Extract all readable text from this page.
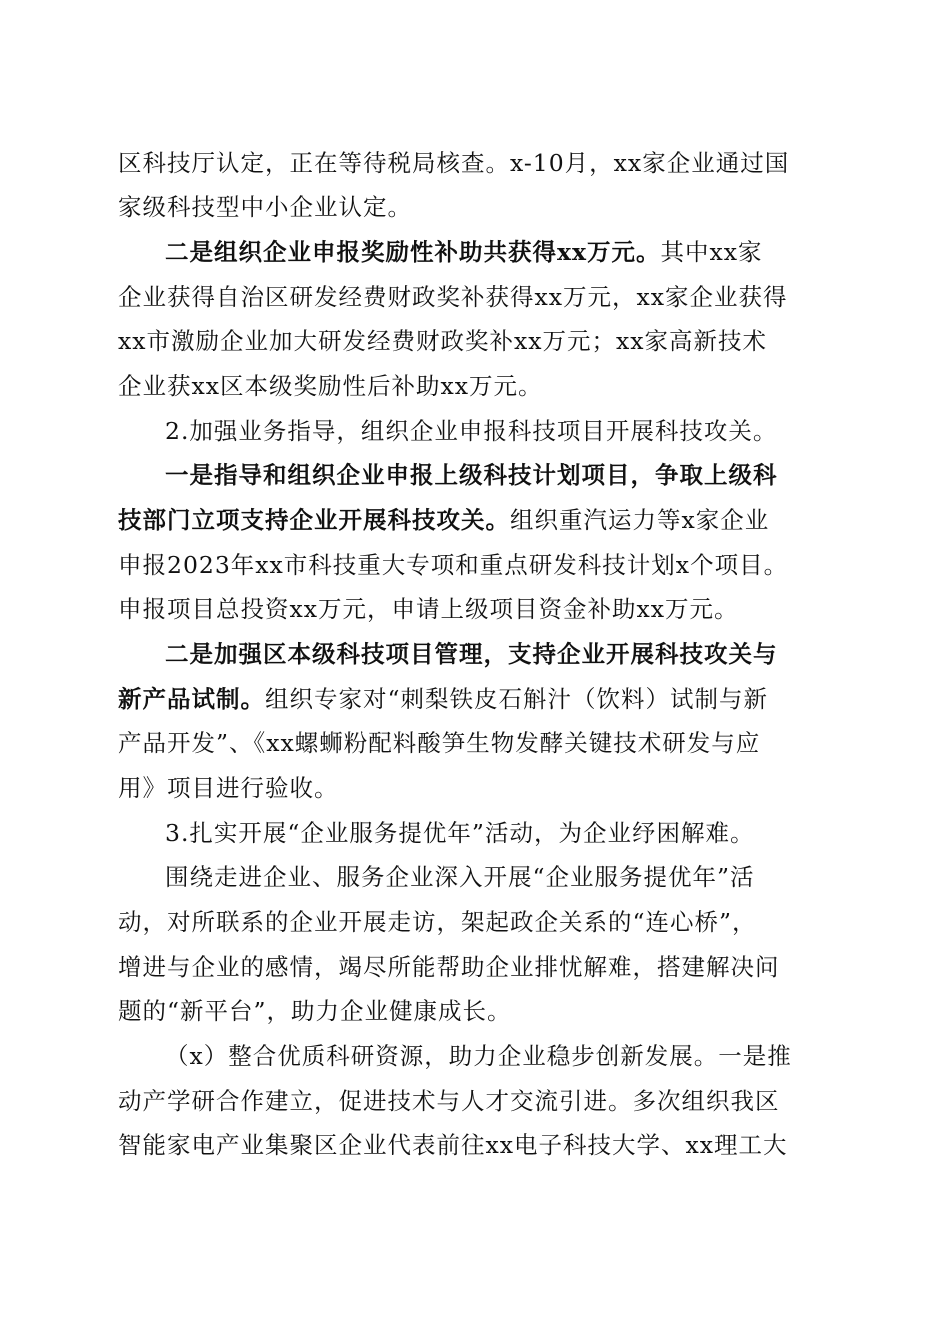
区科技厅认定，正在等待税局核查。x-10月，xx家企业通过国
家级科技型中小企业认定。
二是组织企业申报奖励性补助共获得xx万元。其中xx家
企业获得自治区研发经费财政奖补获得xx万元，xx家企业获得
xx市激励企业加大研发经费财政奖补xx万元；xx家高新技术
企业获xx区本级奖励性后补助xx万元。
2.加强业务指导，组织企业申报科技项目开展科技攻关。
一是指导和组织企业申报上级科技计划项目，争取上级科
技部门立项支持企业开展科技攻关。组织重汽运力等x家企业
申报2023年xx市科技重大专项和重点研发科技计划x个项目。
申报项目总投资xx万元，申请上级项目资金补助xx万元。
二是加强区本级科技项目管理，支持企业开展科技攻关与
新产品试制。组织专家对“刺梨铁皮石斛汁（饮料）试制与新
产品开发”、《xx螺蛳粉配料酸笋生物发酵关键技术研发与应
用》项目进行验收。
3.扎实开展“企业服务提优年”活动，为企业纾困解难。
围绕走进企业、服务企业深入开展“企业服务提优年”活
动，对所联系的企业开展走访，架起政企关系的“连心桥”，
增进与企业的感情，竭尽所能帮助企业排忧解难，搭建解决问
题的“新平台”，助力企业健康成长。
（x）整合优质科研资源，助力企业稳步创新发展。一是推
动产学研合作建立，促进技术与人才交流引进。多次组织我区
智能家电产业集聚区企业代表前往xx电子科技大学、xx理工大
